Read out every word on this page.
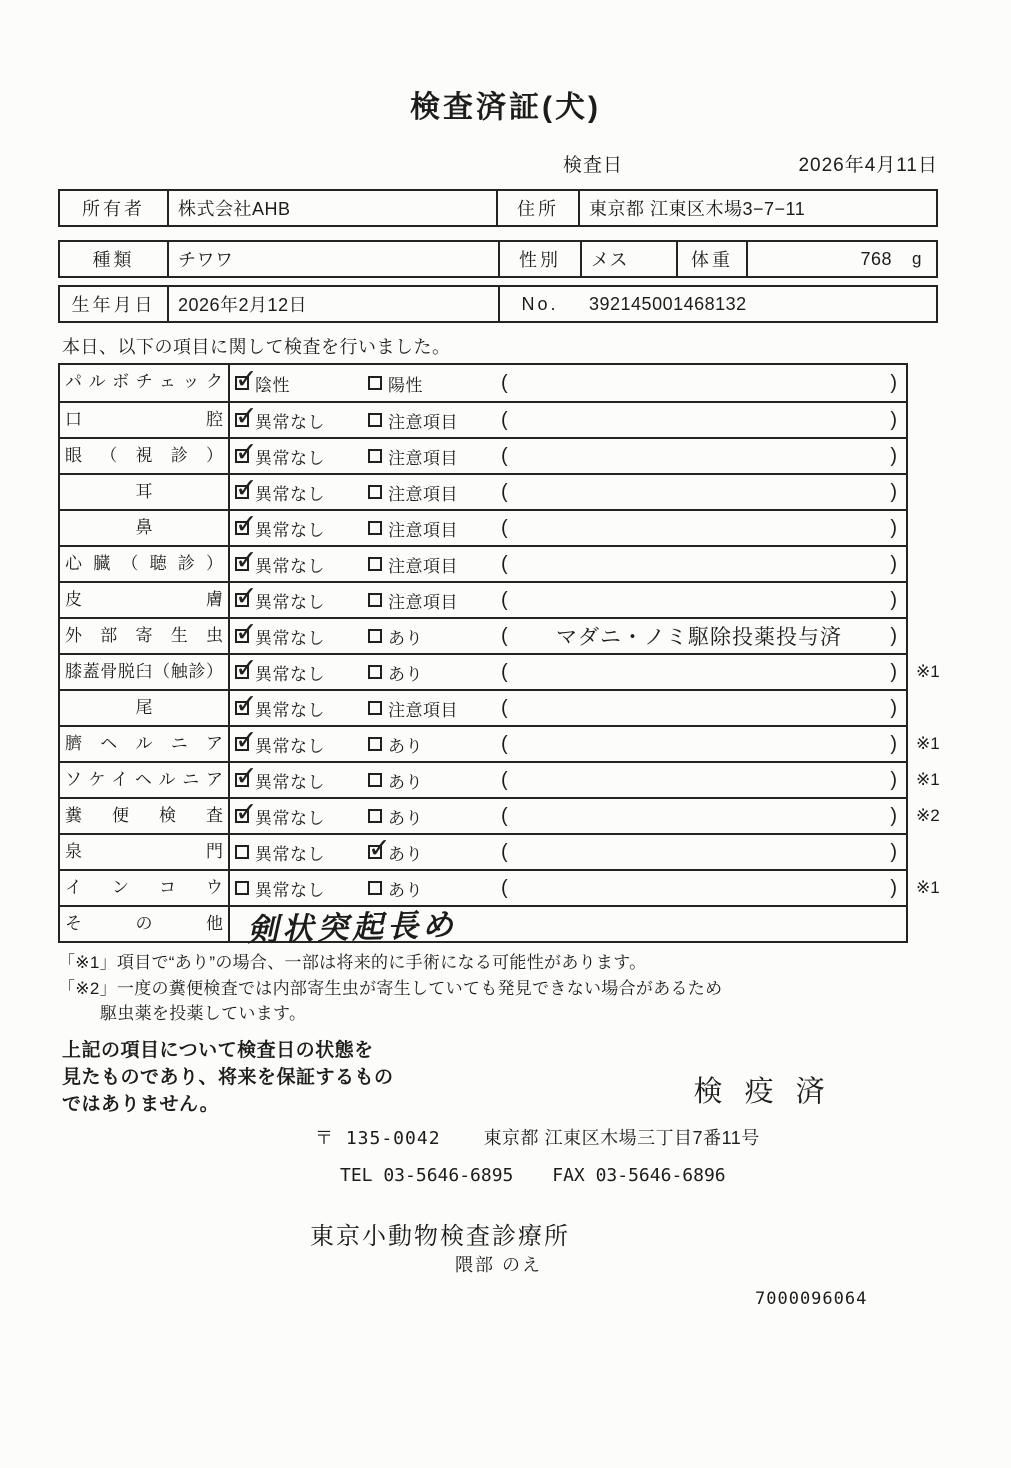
検査済証(犬)
検査日	2026年4月11日
所有者	株式会社AHB	住所	東京都 江東区木場3−7−11
種類	チワワ	性別	メス	体重	768 g
生年月日	2026年2月12日	No.	392145001468132
本日、以下の項目に関して検査を行いました。
パルボチェック ✓	陰性	陽性	(	)
口腔 ✓	異常なし	注意項目 (	)
眼（視診） ✓	異常なし	注意項目 (	)
耳 ✓	異常なし	注意項目 (	)
鼻 ✓	異常なし	注意項目 (	)
心臓（聴診） ✓	異常なし	注意項目 (	)
皮膚 ✓	異常なし	注意項目 (	)
外部寄生虫 ✓	異常なし	あり	(	マダニ・ノミ駆除投薬投与済	)
膝蓋骨脱臼（触診） ✓	異常なし	あり	(	) ※1
尾 ✓	異常なし	注意項目 (	)
臍ヘルニア ✓	異常なし	あり	(	) ※1
ソケイヘルニア ✓	異常なし	あり	(	) ※1
糞便検査 ✓	異常なし	あり	(	) ※2
泉門	異常なし ✓	あり	(	)
インコウ	異常なし	あり	(	) ※1
その他 剣状突起長め
「※1」項目で“あり”の場合、一部は将来的に手術になる可能性があります。
「※2」一度の糞便検査では内部寄生虫が寄生していても発見できない場合があるため
駆虫薬を投薬しています。
上記の項目について検査日の状態を
見たものであり、将来を保証するもの
ではありません。	検 疫 済
〒 135-0042 東京都 江東区木場三丁目7番11号
TEL 03-5646-6895 FAX 03-5646-6896
東京小動物検査診療所
隈部 のえ
7000096064
